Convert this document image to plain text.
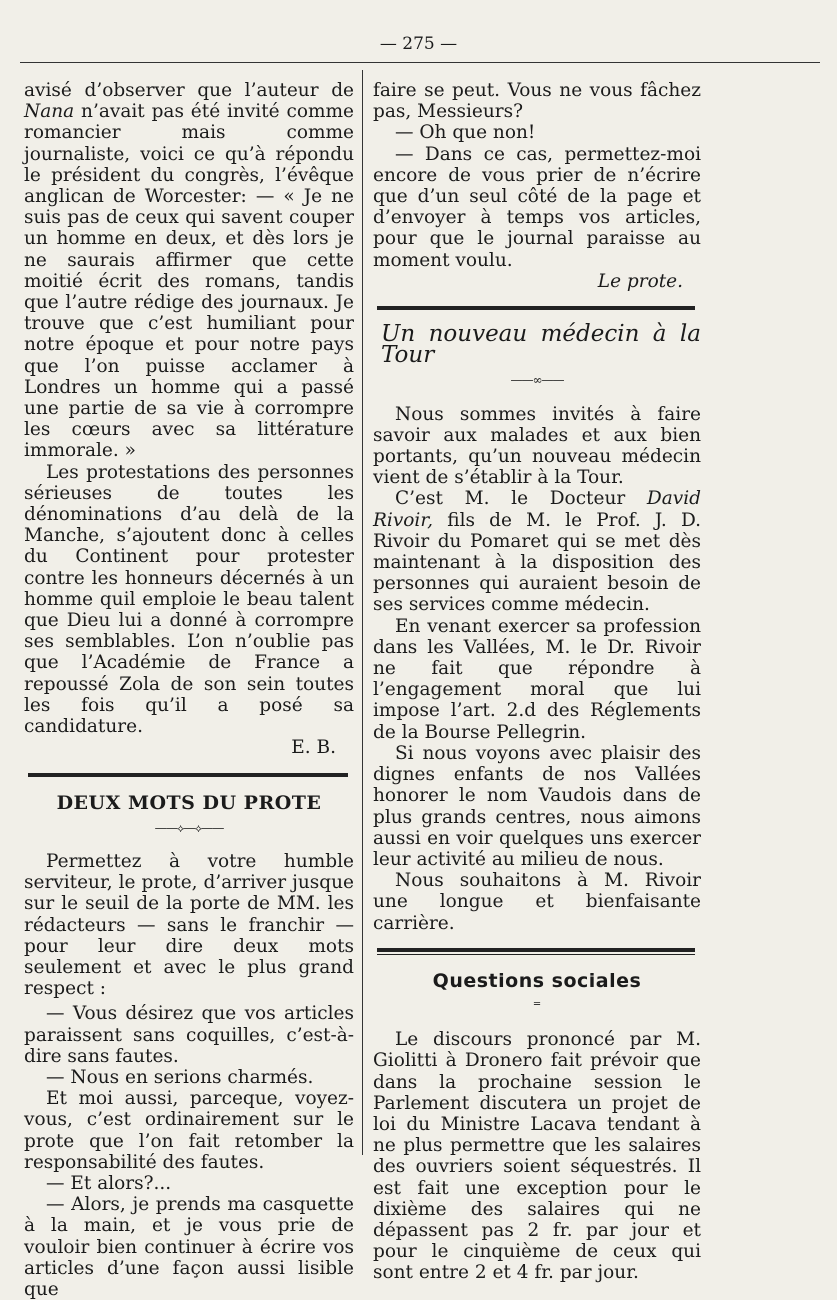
— 275 —

avisé d’observer que l’auteur de Nana n’avait pas été invité comme romancier mais comme journaliste, voici ce qu’à répondu le président du congrès, l’évêque anglican de Worcester: — « Je ne suis pas de ceux qui savent couper un homme en deux, et dès lors je ne saurais affirmer que cette moitié écrit des romans, tandis que l’autre rédige des journaux. Je trouve que c’est humiliant pour notre époque et pour notre pays que l’on puisse acclamer à Londres un homme qui a passé une partie de sa vie à corrompre les cœurs avec sa littérature immorale. »

Les protestations des personnes sérieuses de toutes les dénominations d’au delà de la Manche, s’ajoutent donc à celles du Continent pour protester contre les honneurs décernés à un homme quil emploie le beau talent que Dieu lui a donné à corrompre ses semblables. L’on n’oublie pas que l’Académie de France a repoussé Zola de son sein toutes les fois qu’il a posé sa candidature.

E. B.

DEUX MOTS DU PROTE
——⟡—⟡——

Permettez à votre humble serviteur, le prote, d’arriver jusque sur le seuil de la porte de MM. les rédacteurs — sans le franchir — pour leur dire deux mots seulement et avec le plus grand respect :

— Vous désirez que vos articles paraissent sans coquilles, c’est-à-dire sans fautes.

— Nous en serions charmés.

Et moi aussi, parceque, voyez-vous, c’est ordinairement sur le prote que l’on fait retomber la responsabilité des fautes.

— Et alors?...

— Alors, je prends ma casquette à la main, et je vous prie de vouloir bien continuer à écrire vos articles d’une façon aussi lisible que

faire se peut. Vous ne vous fâchez pas, Messieurs?

— Oh que non!

— Dans ce cas, permettez-moi encore de vous prier de n’écrire que d’un seul côté de la page et d’envoyer à temps vos articles, pour que le journal paraisse au moment voulu.

Le prote.

Un nouveau médecin à la Tour
——∞——

Nous sommes invités à faire savoir aux malades et aux bien portants, qu’un nouveau médecin vient de s’établir à la Tour.

C’est M. le Docteur David Rivoir, fils de M. le Prof. J. D. Rivoir du Pomaret qui se met dès maintenant à la disposition des personnes qui auraient besoin de ses services comme médecin.

En venant exercer sa profession dans les Vallées, M. le Dr. Rivoir ne fait que répondre à l’engagement moral que lui impose l’art. 2.d des Réglements de la Bourse Pellegrin.

Si nous voyons avec plaisir des dignes enfants de nos Vallées honorer le nom Vaudois dans de plus grands centres, nous aimons aussi en voir quelques uns exercer leur activité au milieu de nous.

Nous souhaitons à M. Rivoir une longue et bienfaisante carrière.

Questions sociales
═

Le discours prononcé par M. Giolitti à Dronero fait prévoir que dans la prochaine session le Parlement discutera un projet de loi du Ministre Lacava tendant à ne plus permettre que les salaires des ouvriers soient séquestrés. Il est fait une exception pour le dixième des salaires qui ne dépassent pas 2 fr. par jour et pour le cinquième de ceux qui sont entre 2 et 4 fr. par jour.
